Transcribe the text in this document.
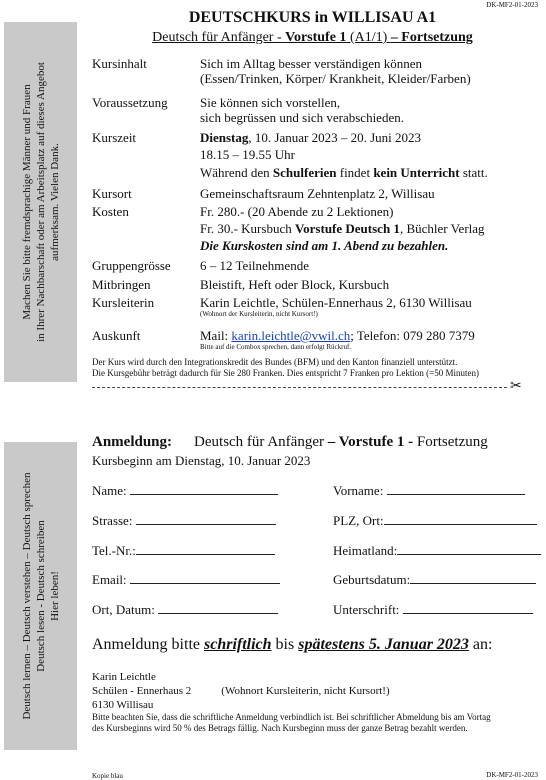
DK-MF2-01-2023
DK-MF2-01-2023
Kopie blau
Machen Sie bitte fremdsprachige Männer und Frauen in Ihrer Nachbarschaft oder am Arbeitsplatz auf dieses Angebot aufmerksam. Vielen Dank.
Deutsch lernen – Deutsch verstehen – Deutsch sprechen Deutsch lesen - Deutsch schreiben Hier leben!
DEUTSCHKURS in WILLISAU A1
Deutsch für Anfänger - Vorstufe 1 (A1/1) – Fortsetzung
Kursinhalt	Sich im Alltag besser verständigen können
(Essen/Trinken, Körper/ Krankheit, Kleider/Farben)
Voraussetzung	Sie können sich vorstellen,
sich begrüssen und sich verabschieden.
Kurszeit	Dienstag, 10. Januar 2023 – 20. Juni 2023
18.15 – 19.55 Uhr
Während den Schulferien findet kein Unterricht statt.
Kursort	Gemeinschaftsraum Zehntenplatz 2, Willisau
Kosten	Fr. 280.- (20 Abende zu 2 Lektionen)
Fr. 30.- Kursbuch Vorstufe Deutsch 1, Büchler Verlag
Die Kurskosten sind am 1. Abend zu bezahlen.
Gruppengrösse	6 – 12 Teilnehmende
Mitbringen	Bleistift, Heft oder Block, Kursbuch
Kursleiterin	Karin Leichtle, Schülen-Ennerhaus 2, 6130 Willisau
(Wohnort der Kursleiterin, nicht Kursort!)
Auskunft	Mail: karin.leichtle@vwil.ch; Telefon: 079 280 7379
Bitte auf die Combox sprechen, dann erfolgt Rückruf.
Der Kurs wird durch den Integrationskredit des Bundes (BFM) und den Kanton finanziell unterstützt.
Die Kursgebühr beträgt dadurch für Sie 280 Franken. Dies entspricht 7 Franken pro Lektion (=50 Minuten)
✂
Anmeldung: Deutsch für Anfänger – Vorstufe 1 - Fortsetzung
Kursbeginn am Dienstag, 10. Januar 2023
Name:	Vorname:
Strasse:	PLZ, Ort:
Tel.-Nr.:	Heimatland:
Email:	Geburtsdatum:
Ort, Datum:	Unterschrift:
Anmeldung bitte schriftlich bis spätestens 5. Januar 2023 an:
Karin Leichtle
Schülen - Ennerhaus 2	(Wohnort Kursleiterin, nicht Kursort!)
6130 Willisau
Bitte beachten Sie, dass die schriftliche Anmeldung verbindlich ist. Bei schriftlicher Abmeldung bis am Vortag
des Kursbeginns wird 50 % des Betrags fällig. Nach Kursbeginn muss der ganze Betrag bezahlt werden.
